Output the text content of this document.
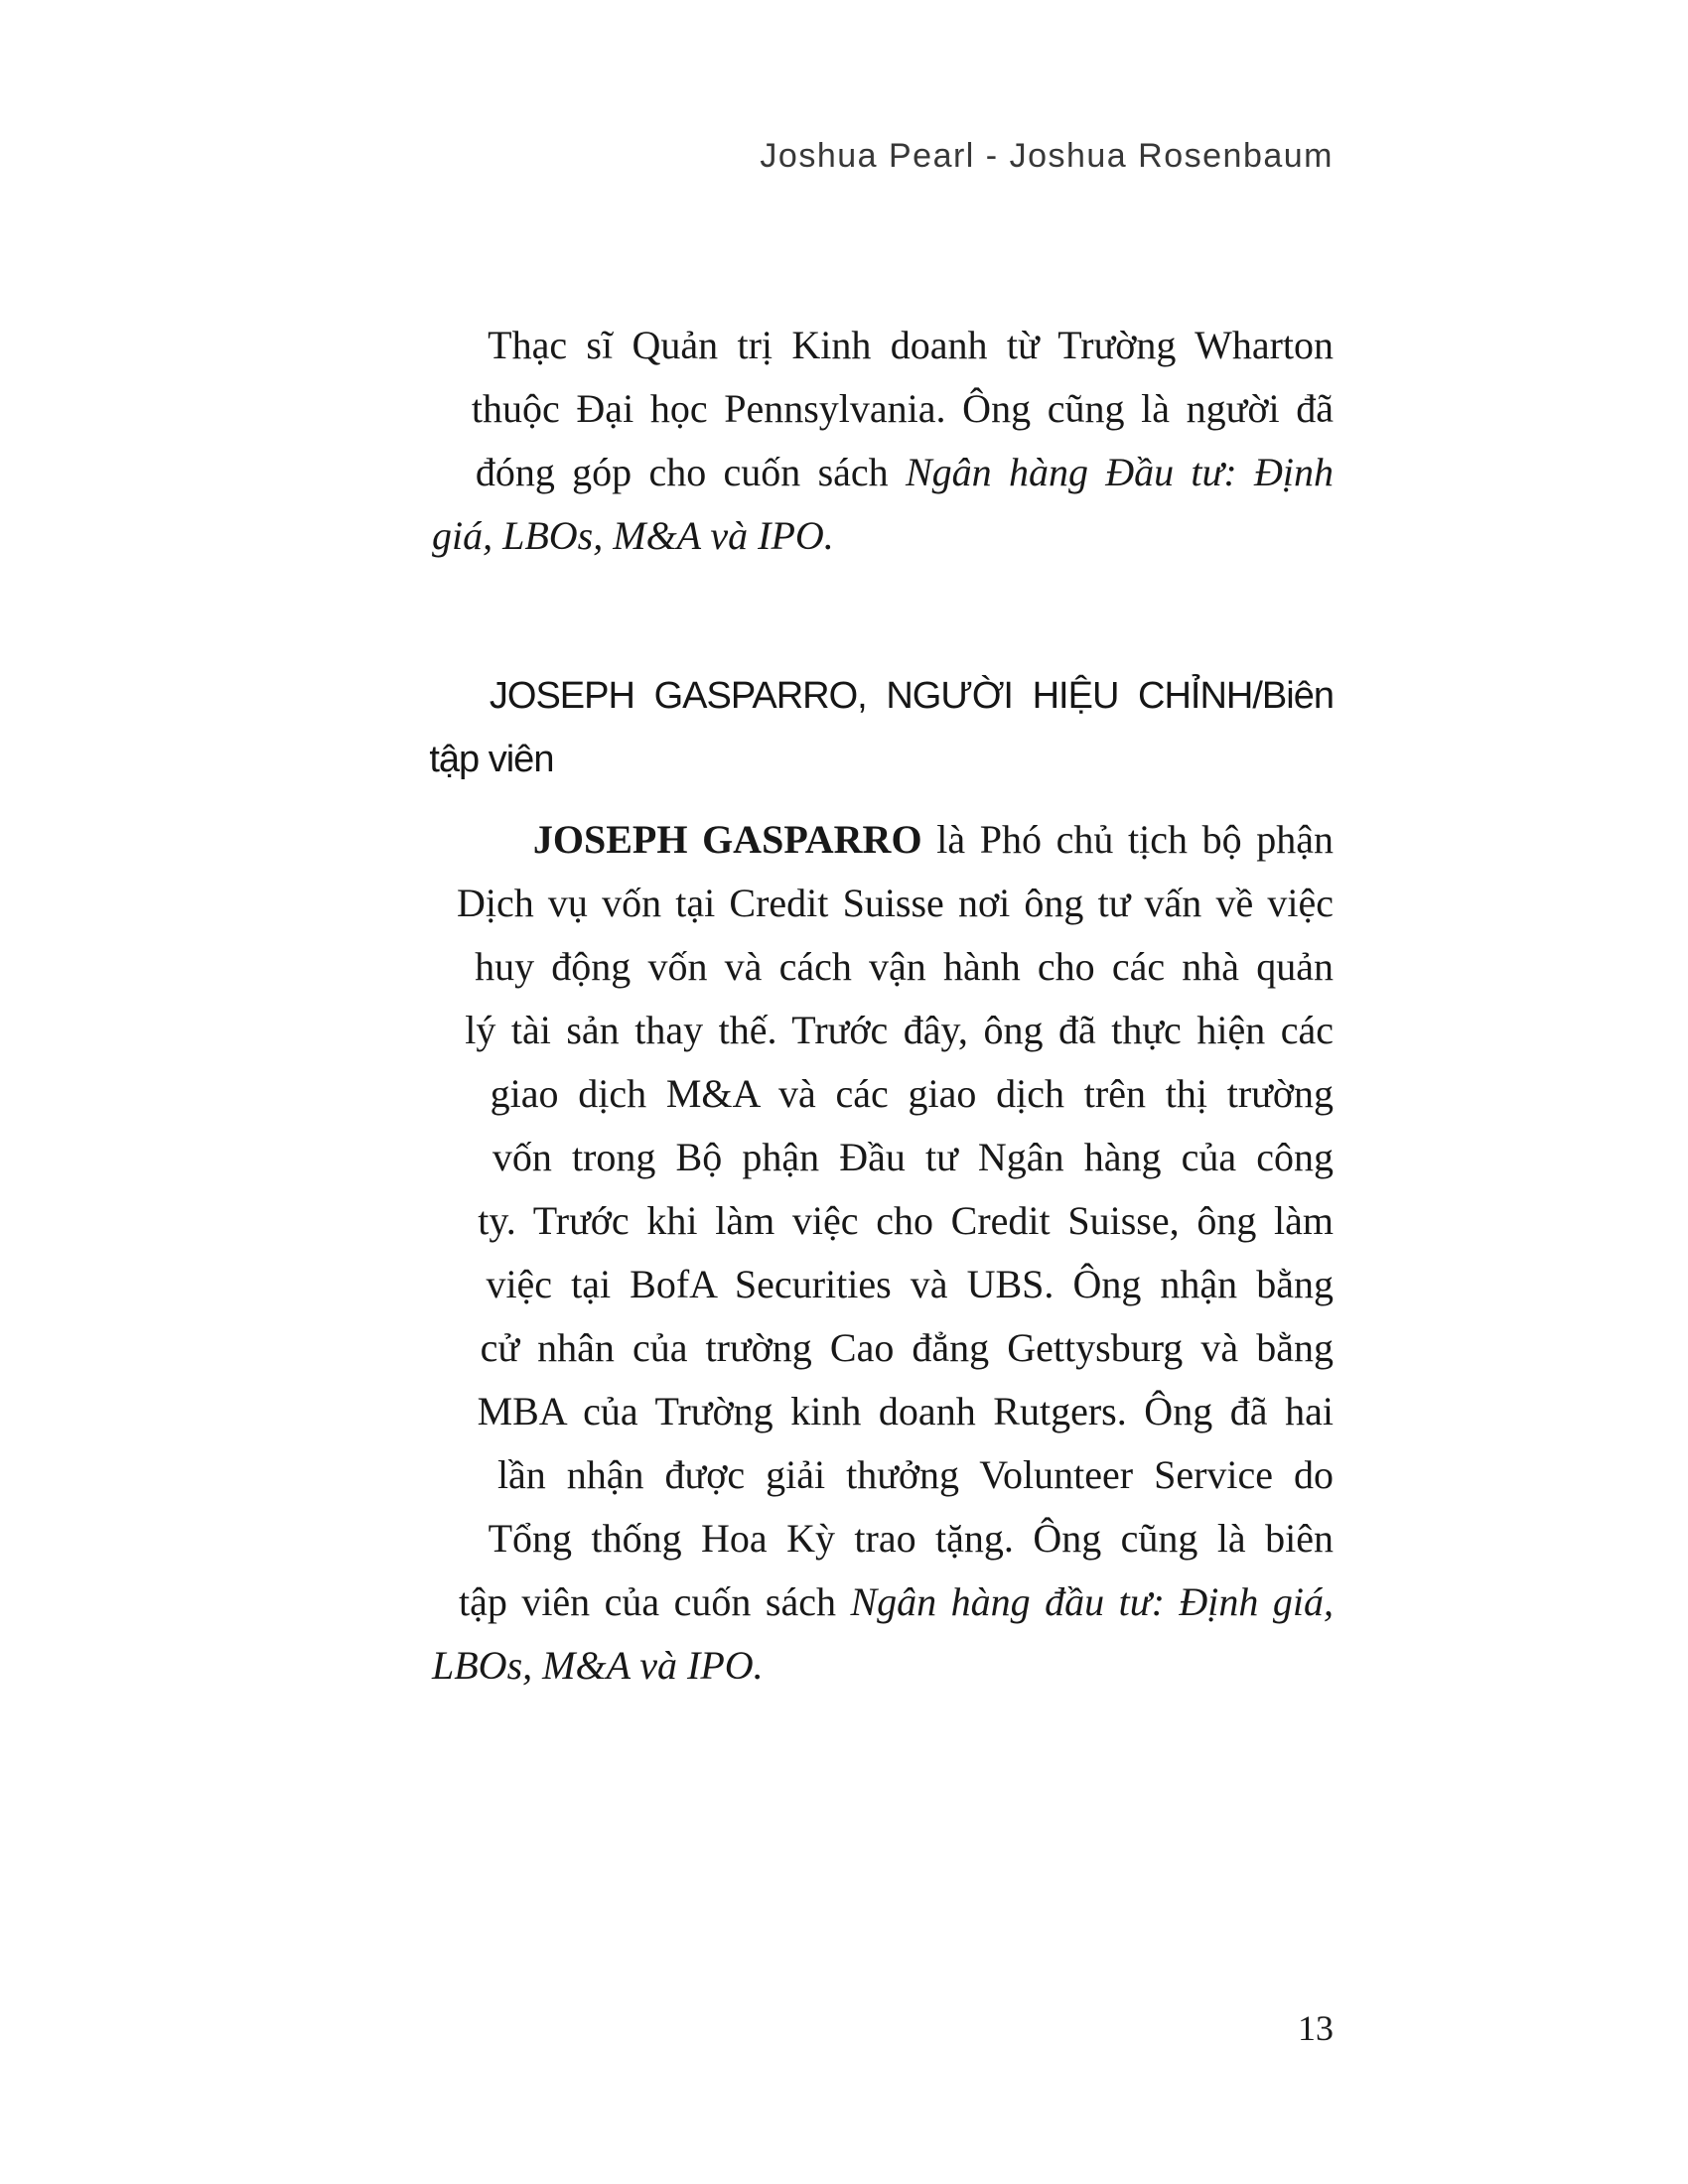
Joshua Pearl - Joshua Rosenbaum

Thạc sĩ Quản trị Kinh doanh từ Trường Wharton

thuộc Đại học Pennsylvania. Ông cũng là người đã

đóng góp cho cuốn sách Ngân hàng Đầu tư: Định

giá, LBOs, M&A và IPO.

JOSEPH GASPARRO, NGƯỜI HIỆU CHỈNH/Biên

tập viên

JOSEPH GASPARRO là Phó chủ tịch bộ phận

Dịch vụ vốn tại Credit Suisse nơi ông tư vấn về việc

huy động vốn và cách vận hành cho các nhà quản

lý tài sản thay thế. Trước đây, ông đã thực hiện các

giao dịch M&A và các giao dịch trên thị trường

vốn trong Bộ phận Đầu tư Ngân hàng của công

ty. Trước khi làm việc cho Credit Suisse, ông làm

việc tại BofA Securities và UBS. Ông nhận bằng

cử nhân của trường Cao đẳng Gettysburg và bằng

MBA của Trường kinh doanh Rutgers. Ông đã hai

lần nhận được giải thưởng Volunteer Service do

Tổng thống Hoa Kỳ trao tặng. Ông cũng là biên

tập viên của cuốn sách Ngân hàng đầu tư: Định giá,

LBOs, M&A và IPO.

13
